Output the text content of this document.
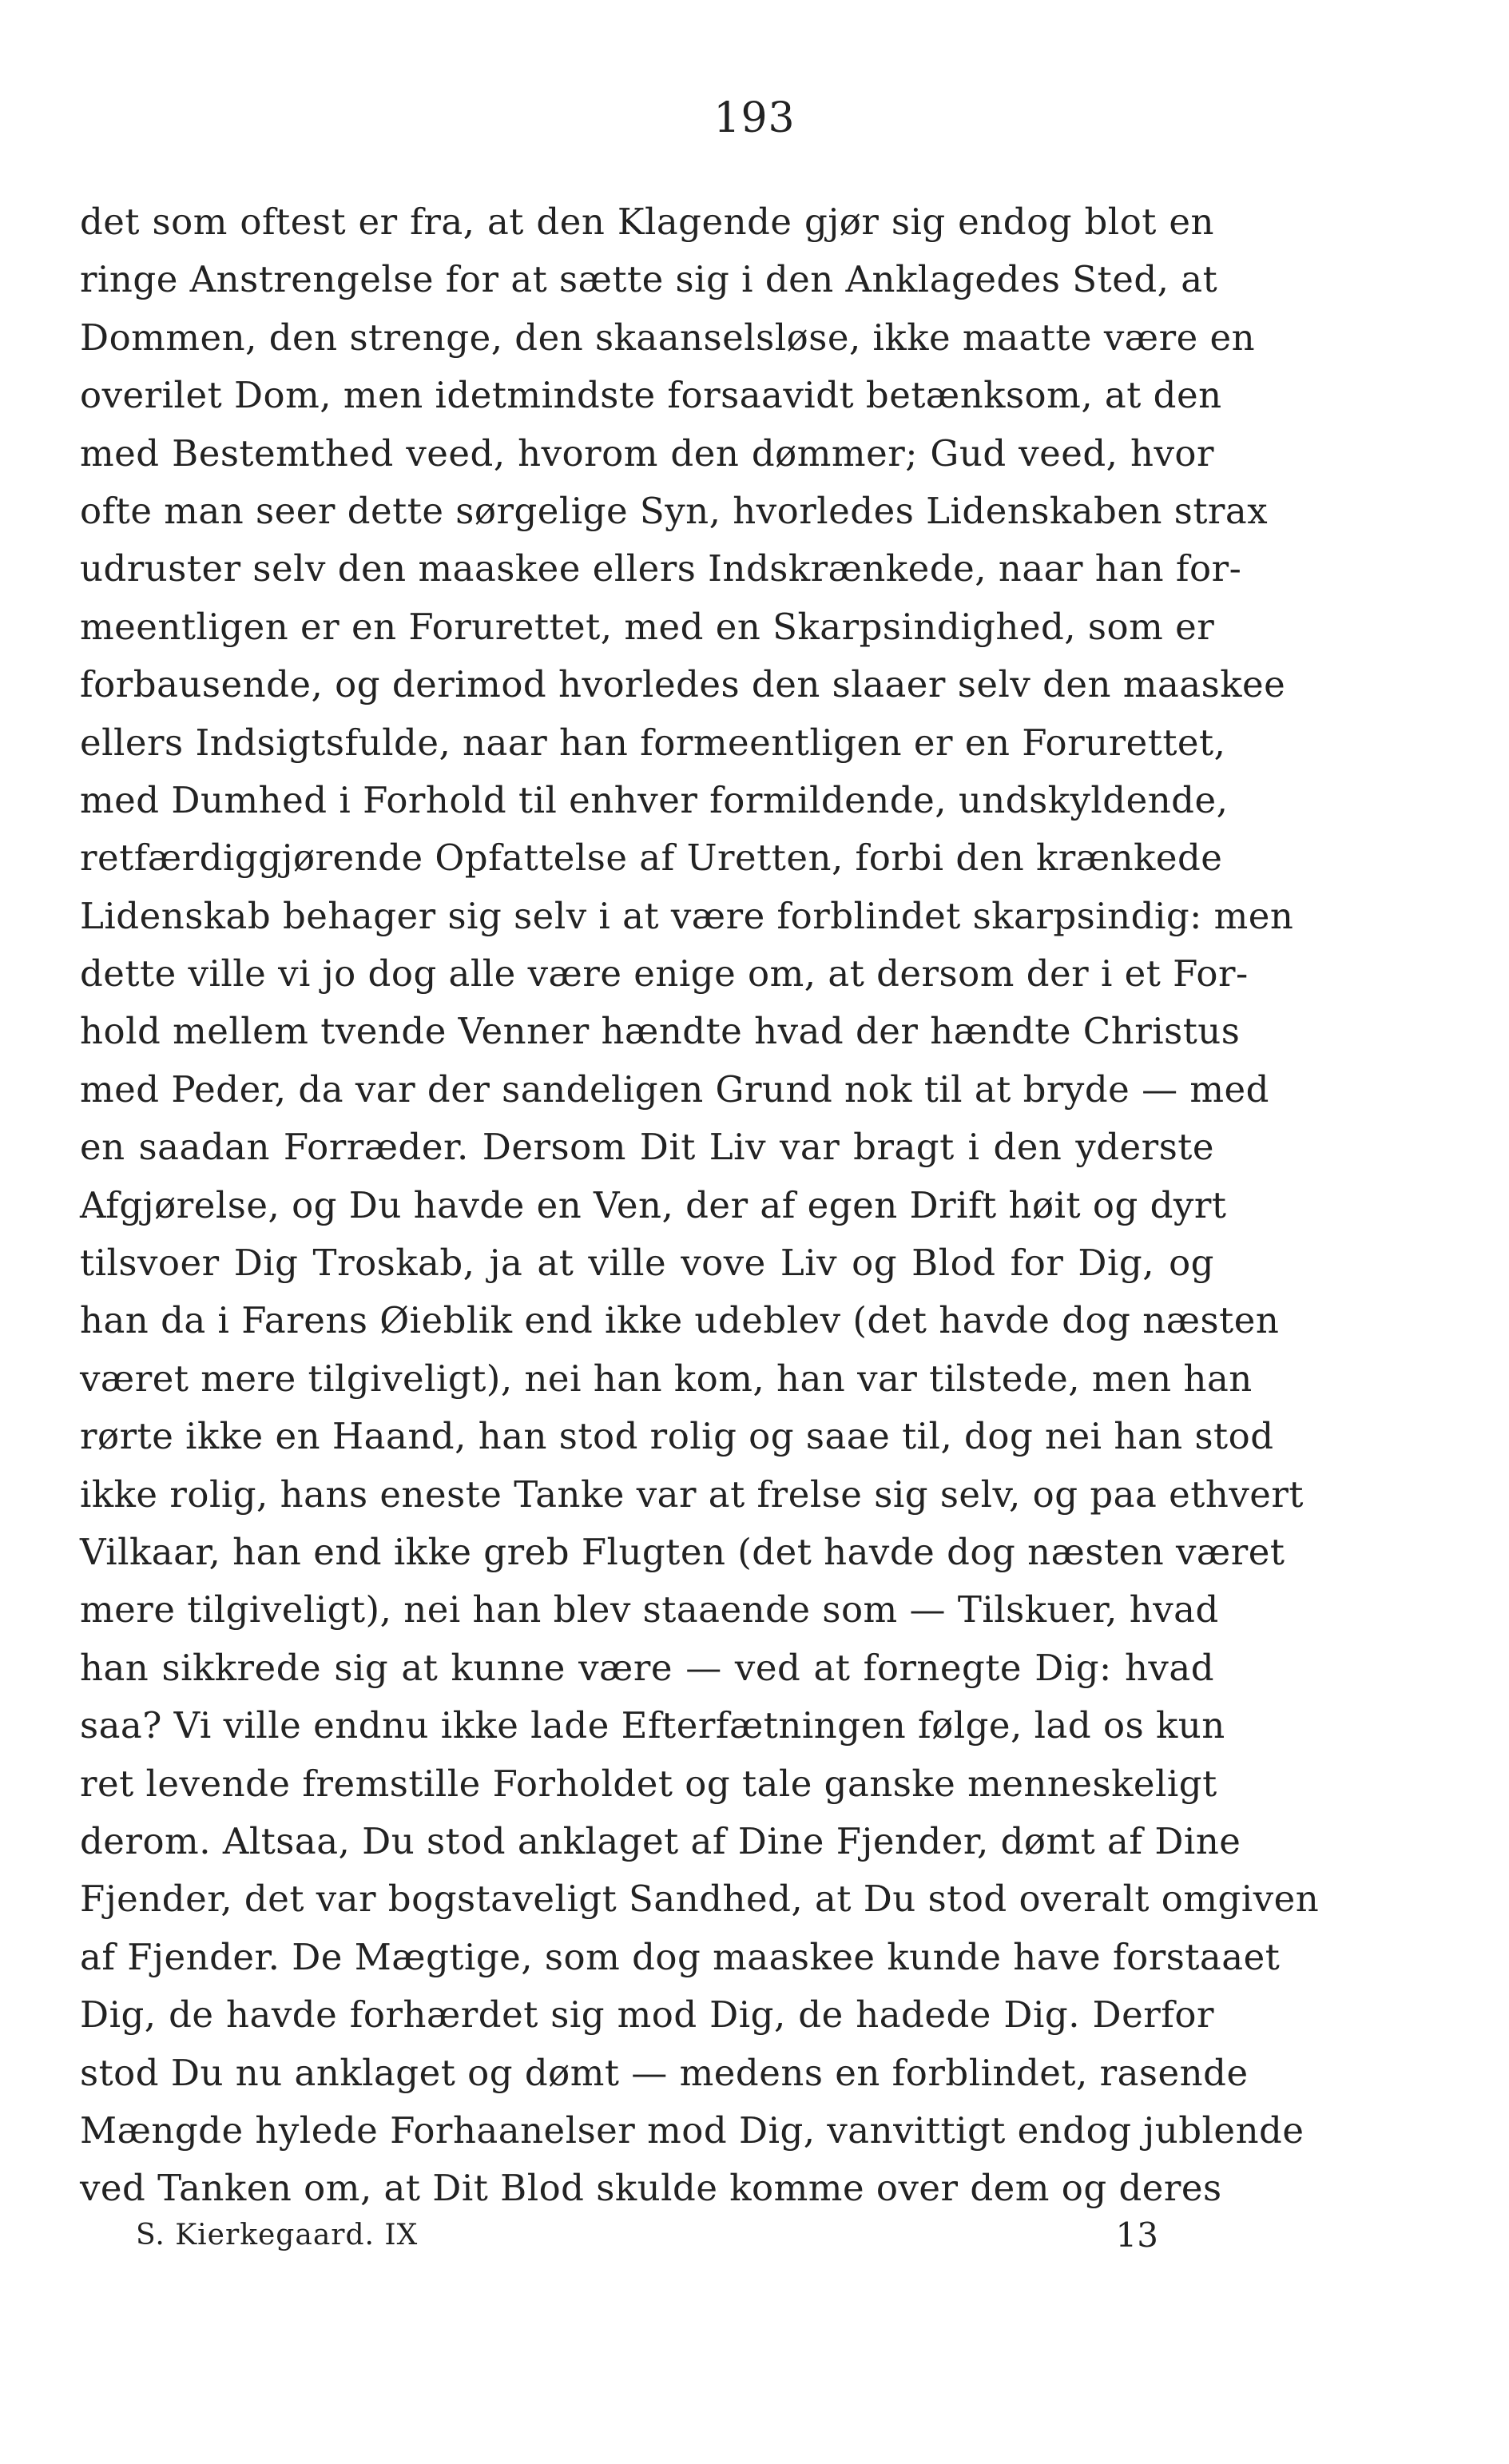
193
det som oftest er fra, at den Klagende gjør sig endog blot en
ringe Anstrengelse for at sætte sig i den Anklagedes Sted, at
Dommen, den strenge, den skaanselsløse, ikke maatte være en
overilet Dom, men idetmindste forsaavidt betænksom, at den
med Bestemthed veed, hvorom den dømmer; Gud veed, hvor
ofte man seer dette sørgelige Syn, hvorledes Lidenskaben strax
udruster selv den maaskee ellers Indskrænkede, naar han for-
meentligen er en Forurettet, med en Skarpsindighed, som er
forbausende, og derimod hvorledes den slaaer selv den maaskee
ellers Indsigtsfulde, naar han formeentligen er en Forurettet,
med Dumhed i Forhold til enhver formildende, undskyldende,
retfærdiggjørende Opfattelse af Uretten, forbi den krænkede
Lidenskab behager sig selv i at være forblindet skarpsindig: men
dette ville vi jo dog alle være enige om, at dersom der i et For-
hold mellem tvende Venner hændte hvad der hændte Christus
med Peder, da var der sandeligen Grund nok til at bryde — med
en saadan Forræder. Dersom Dit Liv var bragt i den yderste
Afgjørelse, og Du havde en Ven, der af egen Drift høit og dyrt
tilsvoer Dig Troskab, ja at ville vove Liv og Blod for Dig, og
han da i Farens Øieblik end ikke udeblev (det havde dog næsten
været mere tilgiveligt), nei han kom, han var tilstede, men han
rørte ikke en Haand, han stod rolig og saae til, dog nei han stod
ikke rolig, hans eneste Tanke var at frelse sig selv, og paa ethvert
Vilkaar, han end ikke greb Flugten (det havde dog næsten været
mere tilgiveligt), nei han blev staaende som — Tilskuer, hvad
han sikkrede sig at kunne være — ved at fornegte Dig: hvad
saa? Vi ville endnu ikke lade Efterfætningen følge, lad os kun
ret levende fremstille Forholdet og tale ganske menneskeligt
derom. Altsaa, Du stod anklaget af Dine Fjender, dømt af Dine
Fjender, det var bogstaveligt Sandhed, at Du stod overalt omgiven
af Fjender. De Mægtige, som dog maaskee kunde have forstaaet
Dig, de havde forhærdet sig mod Dig, de hadede Dig. Derfor
stod Du nu anklaget og dømt — medens en forblindet, rasende
Mængde hylede Forhaanelser mod Dig, vanvittigt endog jublende
ved Tanken om, at Dit Blod skulde komme over dem og deres
S. Kierkegaard. IX	13
